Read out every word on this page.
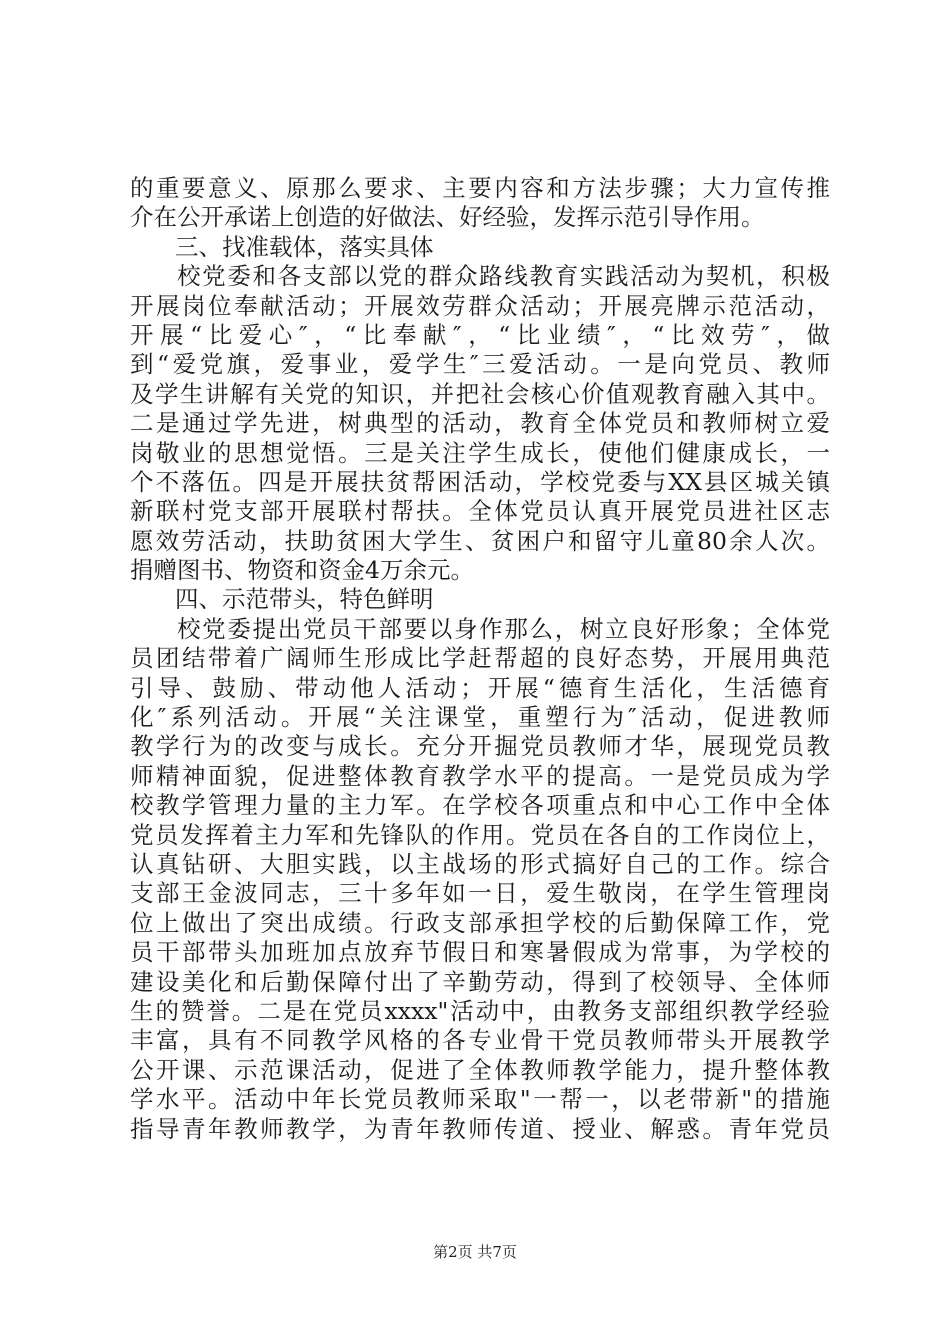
的重要意义、原那么要求、主要内容和方法步骤；大力宣传推
介在公开承诺上创造的好做法、好经验，发挥示范引导作用。
三、找准载体，落实具体
校党委和各支部以党的群众路线教育实践活动为契机，积极
开展岗位奉献活动；开展效劳群众活动；开展亮牌示范活动，
开展“比爱心″，“比奉献″，“比业绩″，“比效劳″，做
到“爱党旗，爱事业，爱学生″三爱活动。一是向党员、教师
及学生讲解有关党的知识，并把社会核心价值观教育融入其中。
二是通过学先进，树典型的活动，教育全体党员和教师树立爱
岗敬业的思想觉悟。三是关注学生成长，使他们健康成长，一
个不落伍。四是开展扶贫帮困活动，学校党委与XX县区城关镇
新联村党支部开展联村帮扶。全体党员认真开展党员进社区志
愿效劳活动，扶助贫困大学生、贫困户和留守儿童80余人次。
捐赠图书、物资和资金4万余元。
四、示范带头，特色鲜明
校党委提出党员干部要以身作那么，树立良好形象；全体党
员团结带着广阔师生形成比学赶帮超的良好态势，开展用典范
引导、鼓励、带动他人活动；开展“德育生活化，生活德育
化″系列活动。开展“关注课堂，重塑行为″活动，促进教师
教学行为的改变与成长。充分开掘党员教师才华，展现党员教
师精神面貌，促进整体教育教学水平的提高。一是党员成为学
校教学管理力量的主力军。在学校各项重点和中心工作中全体
党员发挥着主力军和先锋队的作用。党员在各自的工作岗位上，
认真钻研、大胆实践，以主战场的形式搞好自己的工作。综合
支部王金波同志，三十多年如一日，爱生敬岗，在学生管理岗
位上做出了突出成绩。行政支部承担学校的后勤保障工作，党
员干部带头加班加点放弃节假日和寒暑假成为常事，为学校的
建设美化和后勤保障付出了辛勤劳动，得到了校领导、全体师
生的赞誉。二是在党员xxxx"活动中，由教务支部组织教学经验
丰富，具有不同教学风格的各专业骨干党员教师带头开展教学
公开课、示范课活动，促进了全体教师教学能力，提升整体教
学水平。活动中年长党员教师采取"一帮一，以老带新"的措施
指导青年教师教学，为青年教师传道、授业、解惑。青年党员
第2页 共7页
